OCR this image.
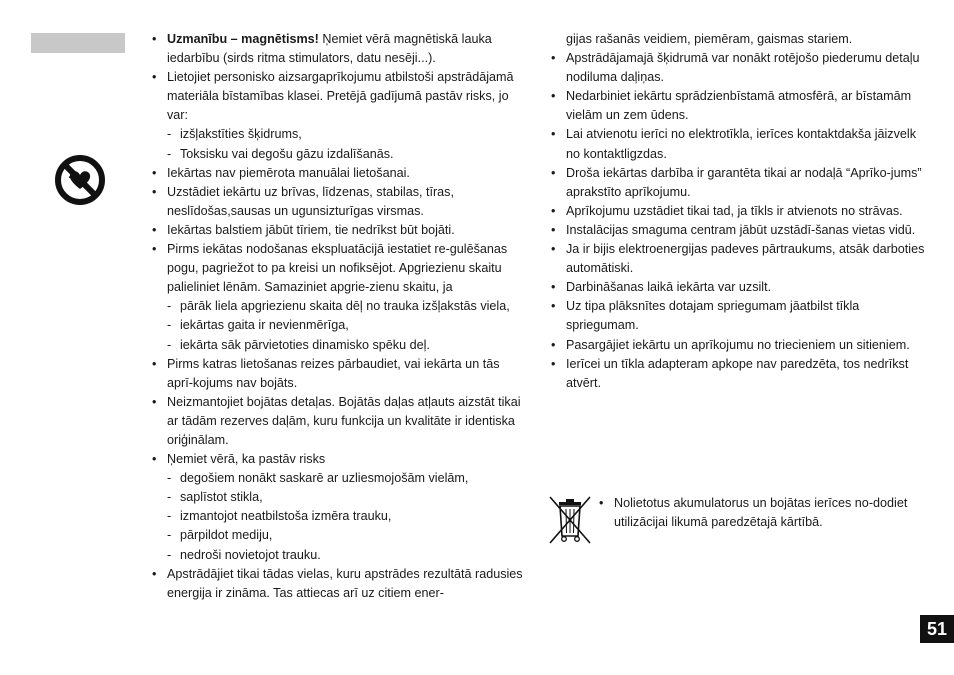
• Uzmanību – magnētisms! Ņemiet vērā magnētiskā lauka iedarbību (sirds ritma stimulators, datu nesēji...).
• Lietojiet personisko aizsargaprīkojumu atbilstoši apstrādājamā materiāla bīstamības klasei. Pretējā gadījumā pastāv risks, jo var:
- izšļakstīties šķidrums,
- Toksisku vai degošu gāzu izdalīšanās.
• Iekārtas nav piemērota manuālai lietošanai.
• Uzstādiet iekārtu uz brīvas, līdzenas, stabilas, tīras, neslīdošas,sausas un ugunsizturīgas virsmas.
• Iekārtas balstiem jābūt tīriem, tie nedrīkst būt bojāti.
• Pirms iekātas nodošanas ekspluatācijā iestatiet re-gulēšanas pogu, pagriežot to pa kreisi un nofiksējot. Apgriezienu skaitu palieliniet lēnām. Samaziniet apgrie-zienu skaitu, ja
- pārāk liela apgriezienu skaita dēļ no trauka izšļakstās viela,
- iekārtas gaita ir nevienmērīga,
- iekārta sāk pārvietoties dinamisko spēku deļ.
• Pirms katras lietošanas reizes pārbaudiet, vai iekārta un tās aprī-kojums nav bojāts.
• Neizmantojiet bojātas detaļas. Bojātās daļas atļauts aizstāt tikai ar tādām rezerves daļām, kuru funkcija un kvalitāte ir identiska oriģinālam.
• Ņemiet vērā, ka pastāv risks
- degošiem nonākt saskarē ar uzliesmojošām vielām,
- saplīstot stikla,
- izmantojot neatbilstoša izmēra trauku,
- pārpildot mediju,
- nedroši novietojot trauku.
• Apstrādājiet tikai tādas vielas, kuru apstrādes rezultātā radusies energija ir zināma. Tas attiecas arī uz citiem ener-
gijas rašanās veidiem, piemēram, gaismas stariem.
• Apstrādājamajā šķidrumā var nonākt rotējošo piederumu detaļu nodiluma daļiņas.
• Nedarbiniet iekārtu sprādzienbīstamā atmosfērā, ar bīstamām vielām un zem ūdens.
• Lai atvienotu ierīci no elektrotīkla, ierīces kontaktdakša jāizvelk no kontaktligzdas.
• Droša iekārtas darbība ir garantēta tikai ar nodaļā “Aprīko-jums” aprakstīto aprīkojumu.
• Aprīkojumu uzstādiet tikai tad, ja tīkls ir atvienots no strāvas.
• Instalācijas smaguma centram jābūt uzstādī-šanas vietas vidū.
• Ja ir bijis elektroenergijas padeves pārtraukums, atsāk darboties automātiski.
• Darbināšanas laikā iekārta var uzsilt.
• Uz tipa plāksnītes dotajam spriegumam jāatbilst tīkla spriegumam.
• Pasargājiet iekārtu un aprīkojumu no triecieniem un sitieniem.
• Ierīcei un tīkla adapteram apkope nav paredzēta, tos nedrīkst atvērt.
• Nolietotus akumulatorus un bojātas ierīces no-dodiet utilizācijai likumā paredzētajā kārtībā.
51
